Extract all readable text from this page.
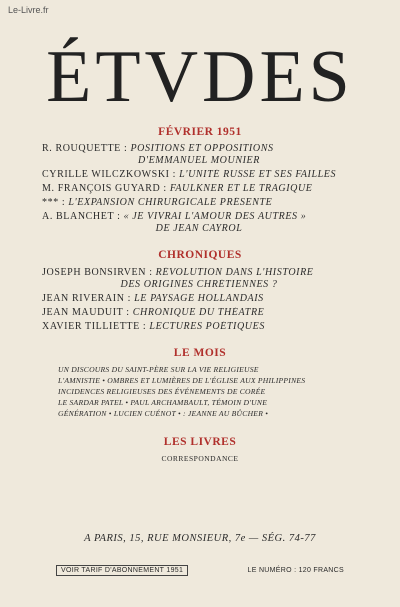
Le-Livre.fr
ÉTVDES
FÉVRIER 1951
R. ROUQUETTE : POSITIONS ET OPPOSITIONS
D'EMMANUEL MOUNIER
CYRILLE WILCZKOWSKI : L'UNITÉ RUSSE ET SES FAILLES
M. FRANÇOIS GUYARD : FAULKNER ET LE TRAGIQUE
*** : L'EXPANSION CHIRURGICALE PRÉSENTE
A. BLANCHET : « JE VIVRAI L'AMOUR DES AUTRES »
DE JEAN CAYROL
CHRONIQUES
JOSEPH BONSIRVEN : RÉVOLUTION DANS L'HISTOIRE
DES ORIGINES CHRÉTIENNES ?
JEAN RIVERAIN : LE PAYSAGE HOLLANDAIS
JEAN MAUDUIT : CHRONIQUE DU THÉATRE
XAVIER TILLIETTE : LECTURES POÉTIQUES
LE MOIS
UN DISCOURS DU SAINT-PÈRE SUR LA VIE RELIGIEUSE
L'AMNISTIE • OMBRES ET LUMIÈRES DE L'ÉGLISE AUX PHILIPPINES
INCIDENCES RELIGIEUSES DES ÉVÉNEMENTS DE CORÉE
LE SARDAR PATEL • PAUL ARCHAMBAULT, TÉMOIN D'UNE
GÉNÉRATION • LUCIEN CUÉNOT • : JEANNE AU BÛCHER •
LES LIVRES
CORRESPONDANCE
A PARIS, 15, RUE MONSIEUR, 7e — SÉG. 74-77
VOIR TARIF D'ABONNEMENT 1951	LE NUMÉRO : 120 FRANCS
